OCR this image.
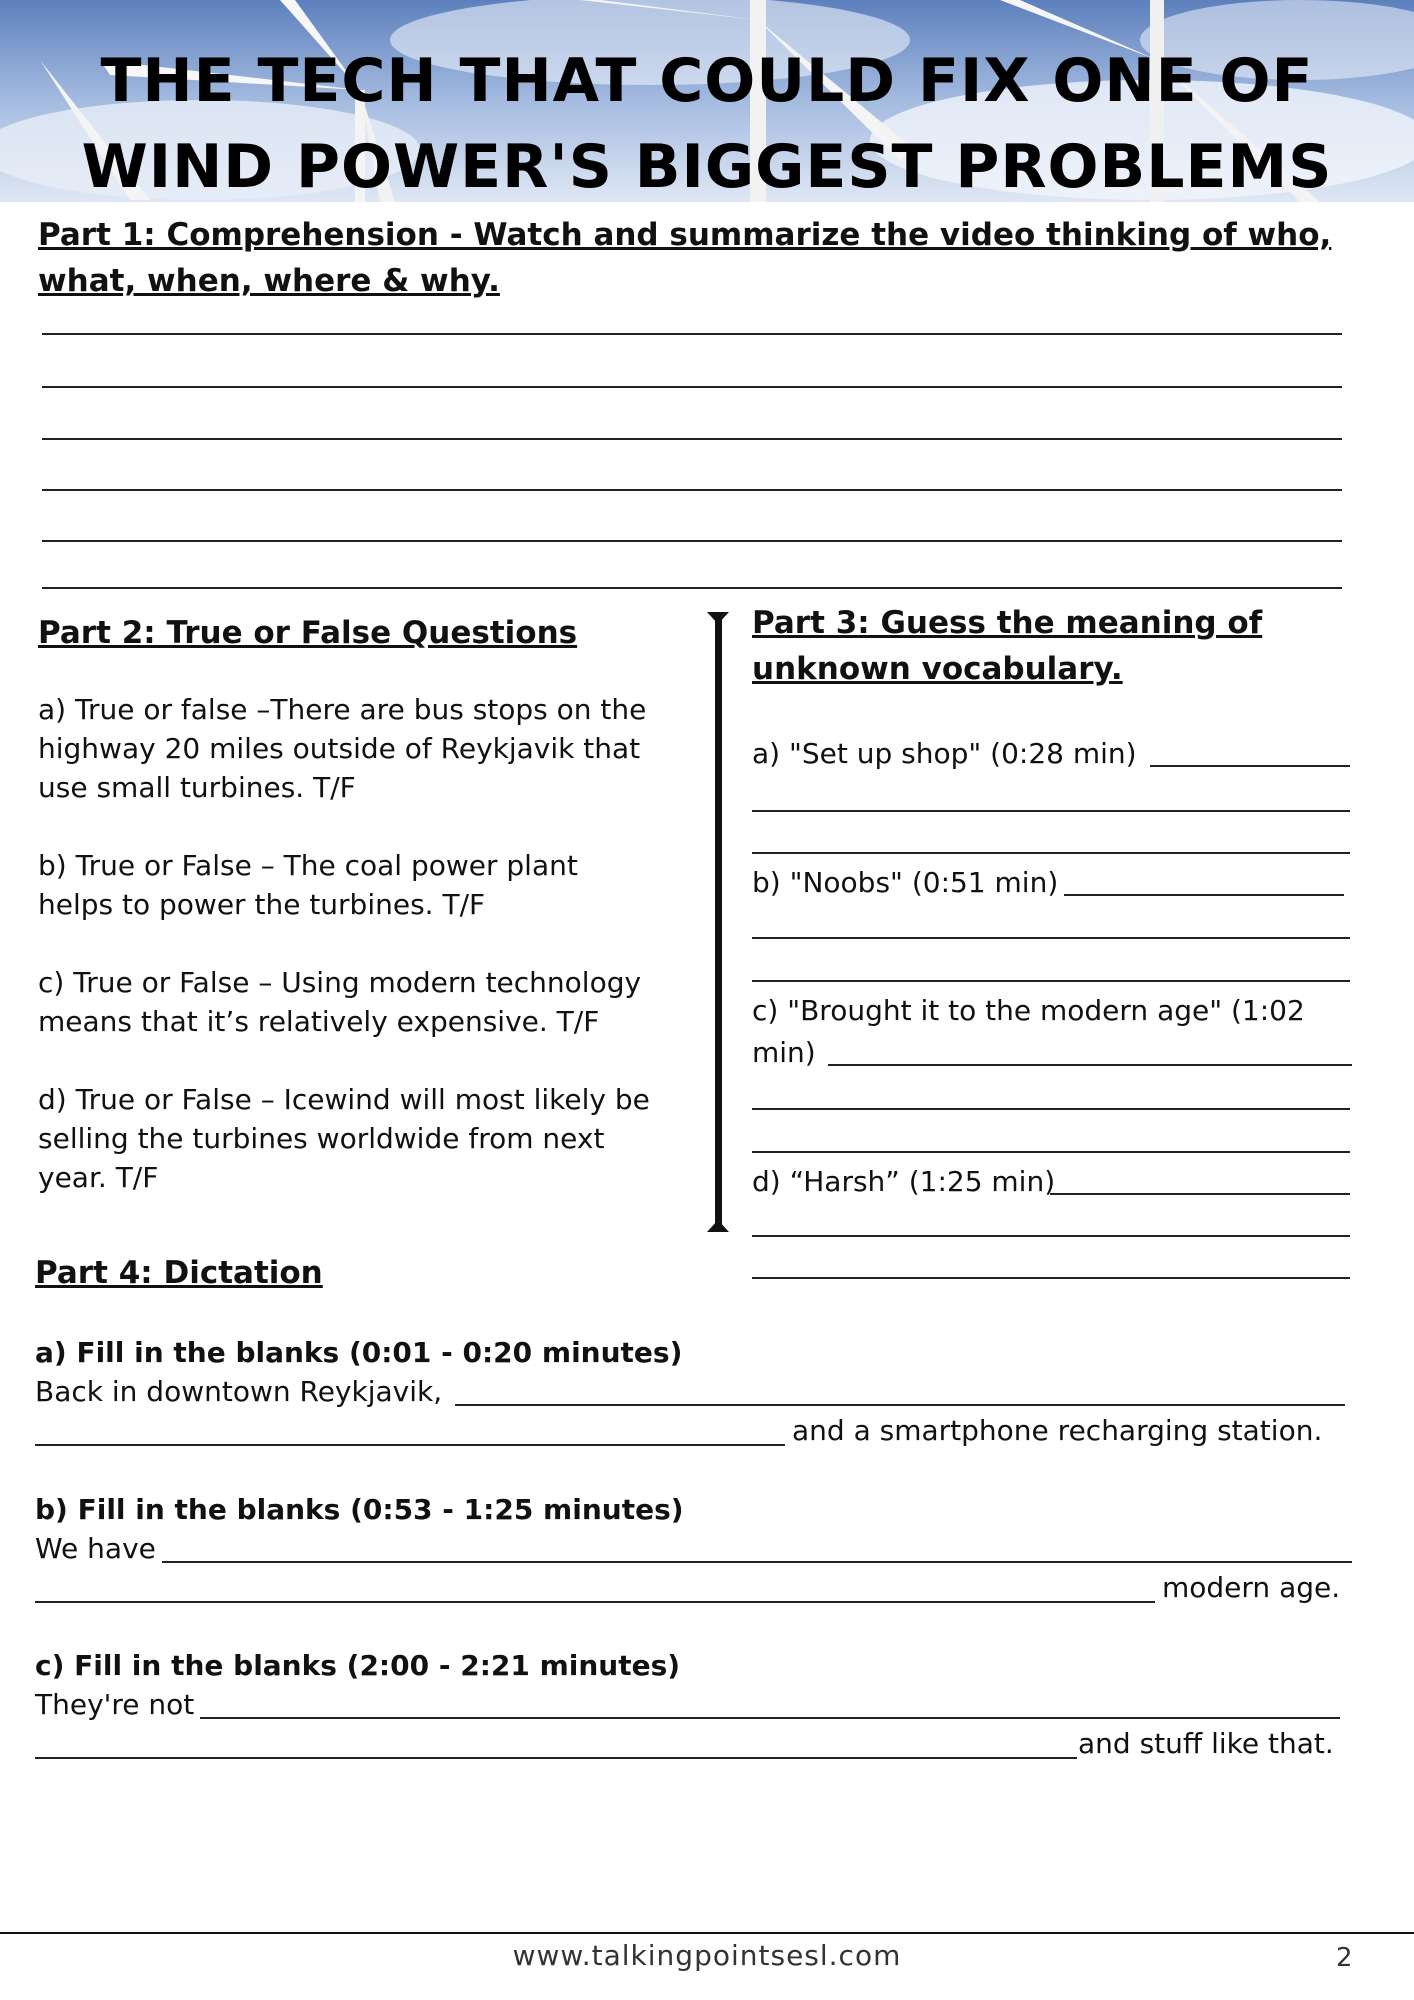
THE TECH THAT COULD FIX ONE OF
WIND POWER'S BIGGEST PROBLEMS
Part 1: Comprehension - Watch and summarize the video thinking of who,
what, when, where & why.
Part 2: True or False Questions
a) True or false –There are bus stops on the
highway 20 miles outside of Reykjavik that
use small turbines. T/F
b) True or False – The coal power plant
helps to power the turbines. T/F
c) True or False – Using modern technology
means that it’s relatively expensive. T/F
d) True or False – Icewind will most likely be
selling the turbines worldwide from next
year. T/F
Part 3: Guess the meaning of
unknown vocabulary.
a) "Set up shop" (0:28 min)
b) "Noobs" (0:51 min)
c) "Brought it to the modern age" (1:02
min)
d) “Harsh” (1:25 min)
Part 4: Dictation
a) Fill in the blanks (0:01 - 0:20 minutes)
Back in downtown Reykjavik,
and a smartphone recharging station.
b) Fill in the blanks (0:53 - 1:25 minutes)
We have
modern age.
c) Fill in the blanks (2:00 - 2:21 minutes)
They're not
and stuff like that.
www.talkingpointsesl.com	2
